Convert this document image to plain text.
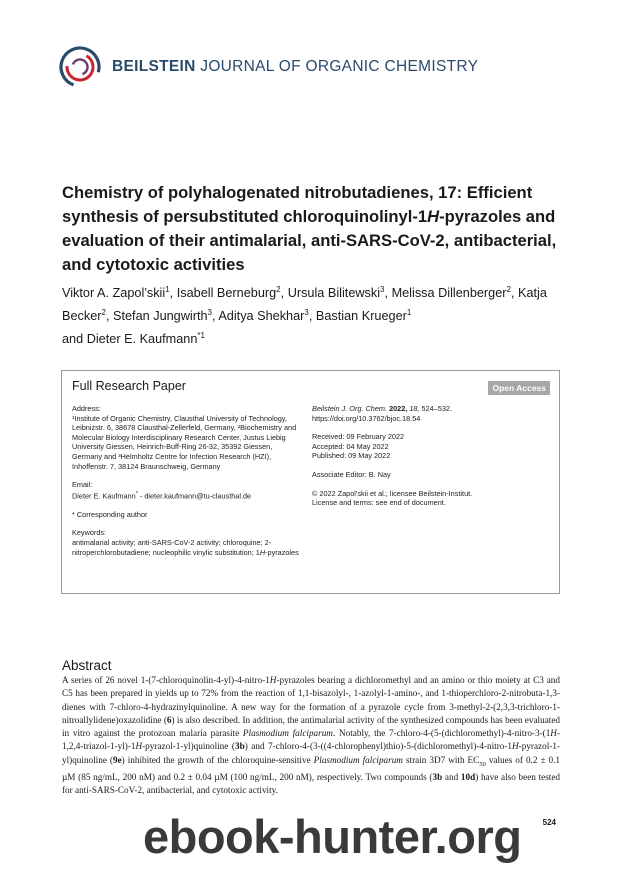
BEILSTEIN JOURNAL OF ORGANIC CHEMISTRY
Chemistry of polyhalogenated nitrobutadienes, 17: Efficient synthesis of persubstituted chloroquinolinyl-1H-pyrazoles and evaluation of their antimalarial, anti-SARS-CoV-2, antibacterial, and cytotoxic activities
Viktor A. Zapol’skii$^1$, Isabell Berneburg$^2$, Ursula Bilitewski$^3$, Melissa Dillenberger$^2$, Katja Becker$^2$, Stefan Jungwirth$^3$, Aditya Shekhar$^3$, Bastian Krueger$^1$
and Dieter E. Kaufmann$^{*1}$
Full Research Paper	Open Access

Address:
¹Institute of Organic Chemistry, Clausthal University of Technology, Leibnizstr. 6, 38678 Clausthal-Zellerfeld, Germany, ²Biochemistry and Molecular Biology Interdisciplinary Research Center, Justus Liebig University Giessen, Heinrich-Buff-Ring 26-32, 35392 Giessen, Germany and ³Helmholtz Centre for Infection Research (HZI), Inhoffenstr. 7, 38124 Braunschweig, Germany

Email:
Dieter E. Kaufmann* - dieter.kaufmann@tu-clausthal.de

* Corresponding author

Keywords:
antimalarial activity; anti-SARS-CoV-2 activity; chloroquine; 2-nitroperchlorobutadiene; nucleophilic vinylic substitution; 1H-pyrazoles

Beilstein J. Org. Chem. 2022, 18, 524–532.
https://doi.org/10.3762/bjoc.18.54

Received: 09 February 2022
Accepted: 04 May 2022
Published: 09 May 2022

Associate Editor: B. Nay

© 2022 Zapol’skii et al.; licensee Beilstein-Institut.
License and terms: see end of document.

Abstract
A series of 26 novel 1-(7-chloroquinolin-4-yl)-4-nitro-1H-pyrazoles bearing a dichloromethyl and an amino or thio moiety at C3 and C5 has been prepared in yields up to 72% from the reaction of 1,1-bisazolyl-, 1-azolyl-1-amino-, and 1-thioperchloro-2-nitrobuta-1,3-dienes with 7-chloro-4-hydrazinylquinoline. A new way for the formation of a pyrazole cycle from 3-methyl-2-(2,3,3-trichloro-1-nitroallylidene)oxazolidine (6) is also described. In addition, the antimalarial activity of the synthesized compounds has been evaluated in vitro against the protozoan malaria parasite Plasmodium falciparum. Notably, the 7-chloro-4-(5-(dichloromethyl)-4-nitro-3-(1H-1,2,4-triazol-1-yl)-1H-pyrazol-1-yl)quinoline (3b) and 7-chloro-4-(3-((4-chlorophenyl)thio)-5-(dichloromethyl)-4-nitro-1H-pyrazol-1-yl)quinoline (9e) inhibited the growth of the chloroquine-sensitive Plasmodium falciparum strain 3D7 with $EC_{50}$ values of 0.2 ± 0.1 µM (85 ng/mL, 200 nM) and 0.2 ± 0.04 µM (100 ng/mL, 200 nM), respectively. Two compounds (3b and 10d) have also been tested for anti-SARS-CoV-2, antibacterial, and cytotoxic activity.
524
ebook-hunter.org
